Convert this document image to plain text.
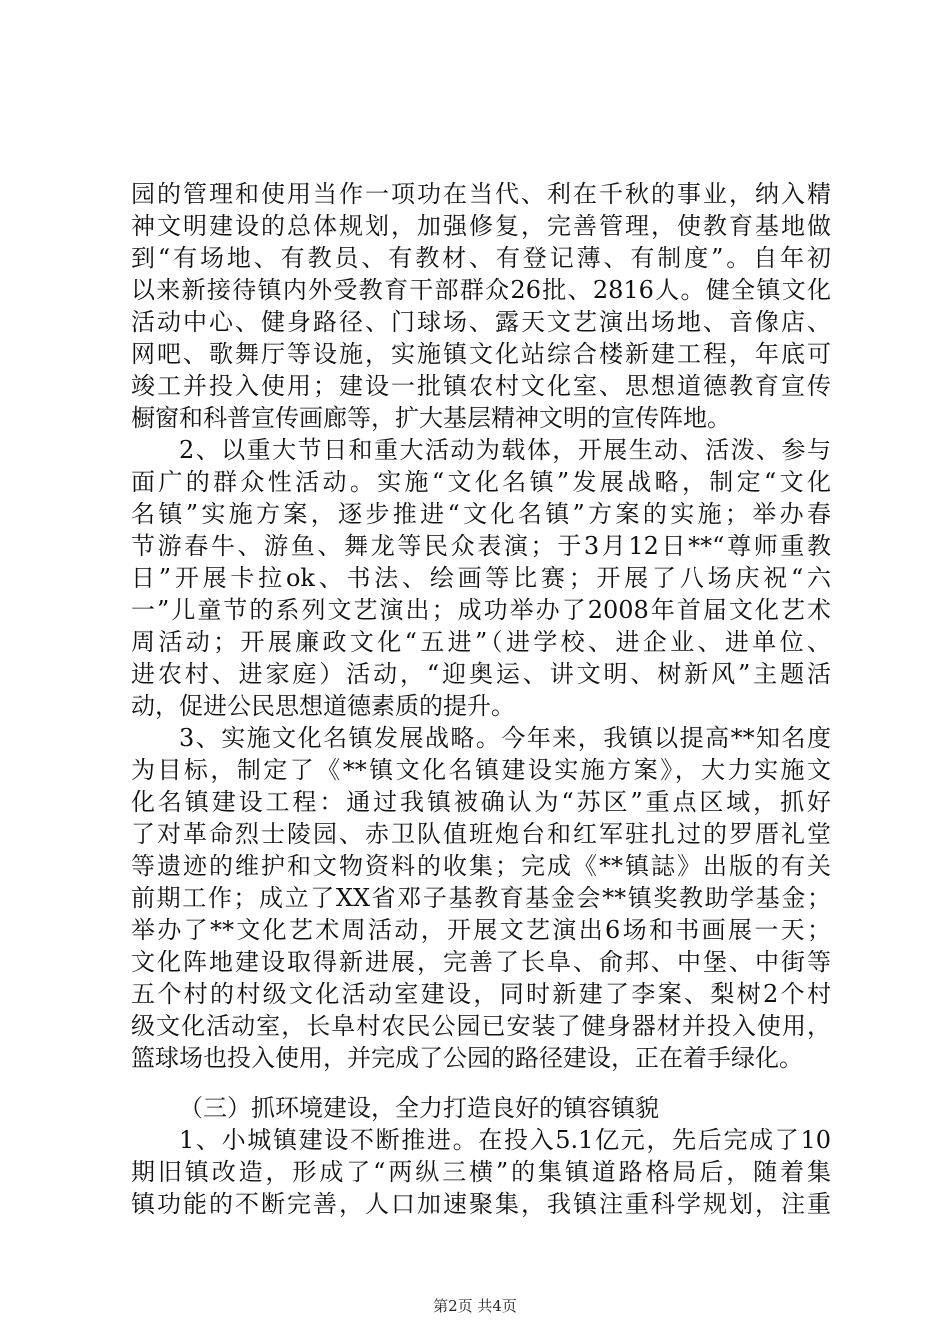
园的管理和使用当作一项功在当代、利在千秋的事业，纳入精
神文明建设的总体规划，加强修复，完善管理，使教育基地做
到“有场地、有教员、有教材、有登记薄、有制度”。自年初
以来新接待镇内外受教育干部群众26批、2816人。健全镇文化
活动中心、健身路径、门球场、露天文艺演出场地、音像店、
网吧、歌舞厅等设施，实施镇文化站综合楼新建工程，年底可
竣工并投入使用；建设一批镇农村文化室、思想道德教育宣传
橱窗和科普宣传画廊等，扩大基层精神文明的宣传阵地。
2、以重大节日和重大活动为载体，开展生动、活泼、参与
面广的群众性活动。实施“文化名镇”发展战略，制定“文化
名镇”实施方案，逐步推进“文化名镇”方案的实施；举办春
节游春牛、游鱼、舞龙等民众表演；于3月12日**“尊师重教
日”开展卡拉ok、书法、绘画等比赛；开展了八场庆祝“六
一”儿童节的系列文艺演出；成功举办了2008年首届文化艺术
周活动；开展廉政文化“五进”（进学校、进企业、进单位、
进农村、进家庭）活动，“迎奥运、讲文明、树新风”主题活
动，促进公民思想道德素质的提升。
3、实施文化名镇发展战略。今年来，我镇以提高**知名度
为目标，制定了《**镇文化名镇建设实施方案》，大力实施文
化名镇建设工程：通过我镇被确认为“苏区”重点区域，抓好
了对革命烈士陵园、赤卫队值班炮台和红军驻扎过的罗厝礼堂
等遗迹的维护和文物资料的收集；完成《**镇誌》出版的有关
前期工作；成立了XX省邓子基教育基金会**镇奖教助学基金；
举办了**文化艺术周活动，开展文艺演出6场和书画展一天；
文化阵地建设取得新进展，完善了长阜、俞邦、中堡、中街等
五个村的村级文化活动室建设，同时新建了李案、梨树2个村
级文化活动室，长阜村农民公园已安装了健身器材并投入使用，
篮球场也投入使用，并完成了公园的路径建设，正在着手绿化。
（三）抓环境建设，全力打造良好的镇容镇貌
1、小城镇建设不断推进。在投入5.1亿元，先后完成了10
期旧镇改造，形成了“两纵三横”的集镇道路格局后，随着集
镇功能的不断完善，人口加速聚集，我镇注重科学规划，注重
第2页 共4页
